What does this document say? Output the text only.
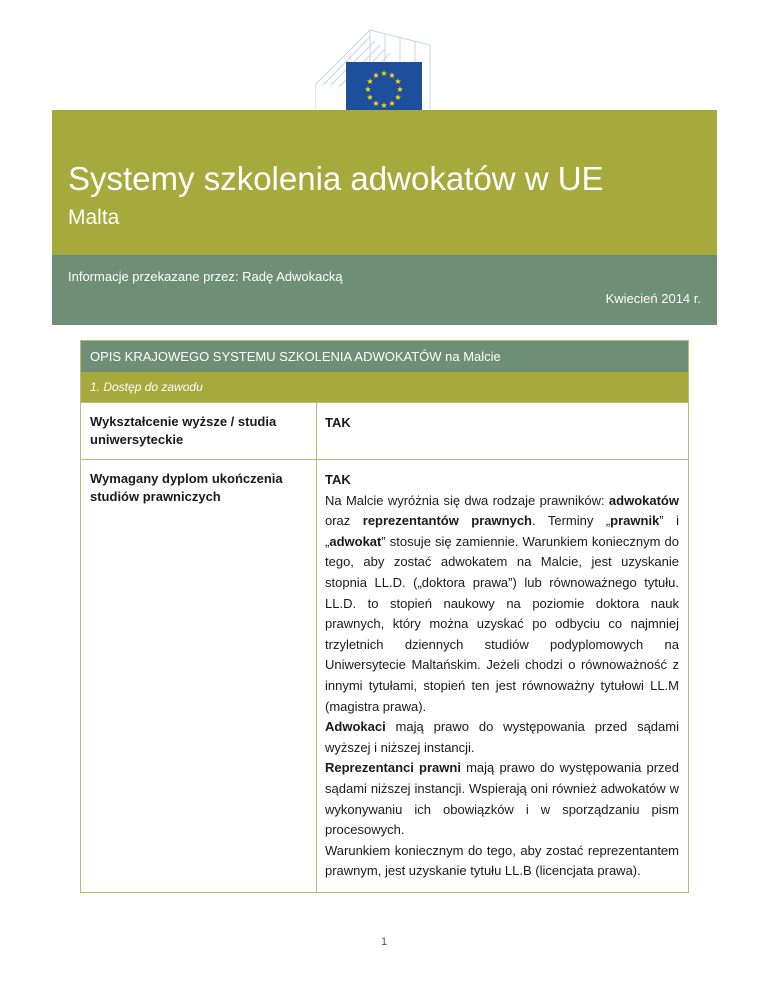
★ ★
★
★
★
★
★
★
★
★
★
★
Systemy szkolenia adwokatów w UE
Malta
Informacje przekazane przez: Radę Adwokacką
Kwiecień 2014 r.
OPIS KRAJOWEGO SYSTEMU SZKOLENIA ADWOKATÓW na Malcie
1. Dostęp do zawodu
Wykształcenie wyższe / studia uniwersyteckie
TAK
Wymagany dyplom ukończenia studiów prawniczych

TAK

Na Malcie wyróżnia się dwa rodzaje prawników: adwokatów oraz reprezentantów prawnych. Terminy „prawnik” i „adwokat” stosuje się zamiennie. Warunkiem koniecznym do tego, aby zostać adwokatem na Malcie, jest uzyskanie stopnia LL.D. („doktora prawa”) lub równoważnego tytułu. LL.D. to stopień naukowy na poziomie doktora nauk prawnych, który można uzyskać po odbyciu co najmniej trzyletnich dziennych studiów podyplomowych na Uniwersytecie Maltańskim. Jeżeli chodzi o równoważność z innymi tytułami, stopień ten jest równoważny tytułowi LL.M (magistra prawa).

Adwokaci mają prawo do występowania przed sądami wyższej i niższej instancji.

Reprezentanci prawni mają prawo do występowania przed sądami niższej instancji. Wspierają oni również adwokatów w wykonywaniu ich obowiązków i w sporządzaniu pism procesowych.

Warunkiem koniecznym do tego, aby zostać reprezentantem prawnym, jest uzyskanie tytułu LL.B (licencjata prawa).

1
